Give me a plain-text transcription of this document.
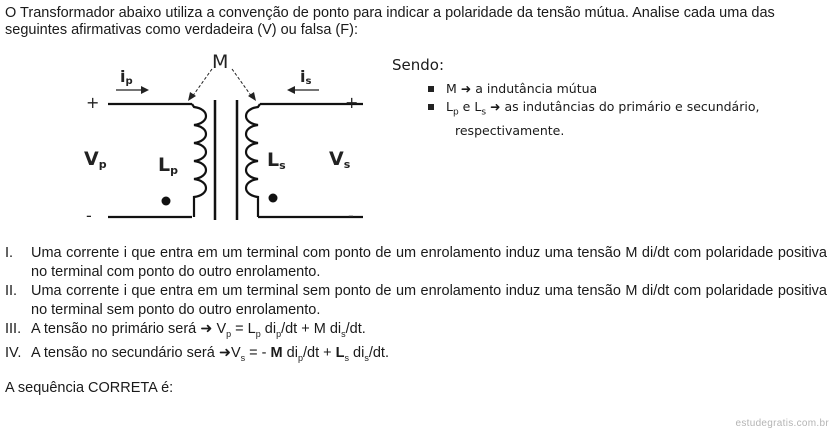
O Transformador abaixo utiliza a convenção de ponto para indicar a polaridade da tensão mútua. Analise cada uma das seguintes afirmativas como verdadeira (V) ou falsa (F):

M
ip	is
+	+
-	-
Vp	Vs
Lp	Ls
Sendo:
M ➜ a indutância mútua
$L_p$ e $L_s$ ➜ as indutâncias do primário e secundário,
respectivamente.
I.	Uma corrente i que entra em um terminal com ponto de um enrolamento induz uma tensão M di/dt com polaridade positiva no terminal com ponto do outro enrolamento.
II. Uma corrente i que entra em um terminal sem ponto de um enrolamento induz uma tensão M di/dt com polaridade positiva no terminal sem ponto do outro enrolamento.
III. A tensão no primário será ➜ $V_p = L_p$ $di_p/dt + M$ $di_s/dt$.
IV. A tensão no secundário será $➜V_s$ = - M $di_p/dt + L_s$ $di_s/dt$.
A sequência CORRETA é:
estudegratis.com.br
